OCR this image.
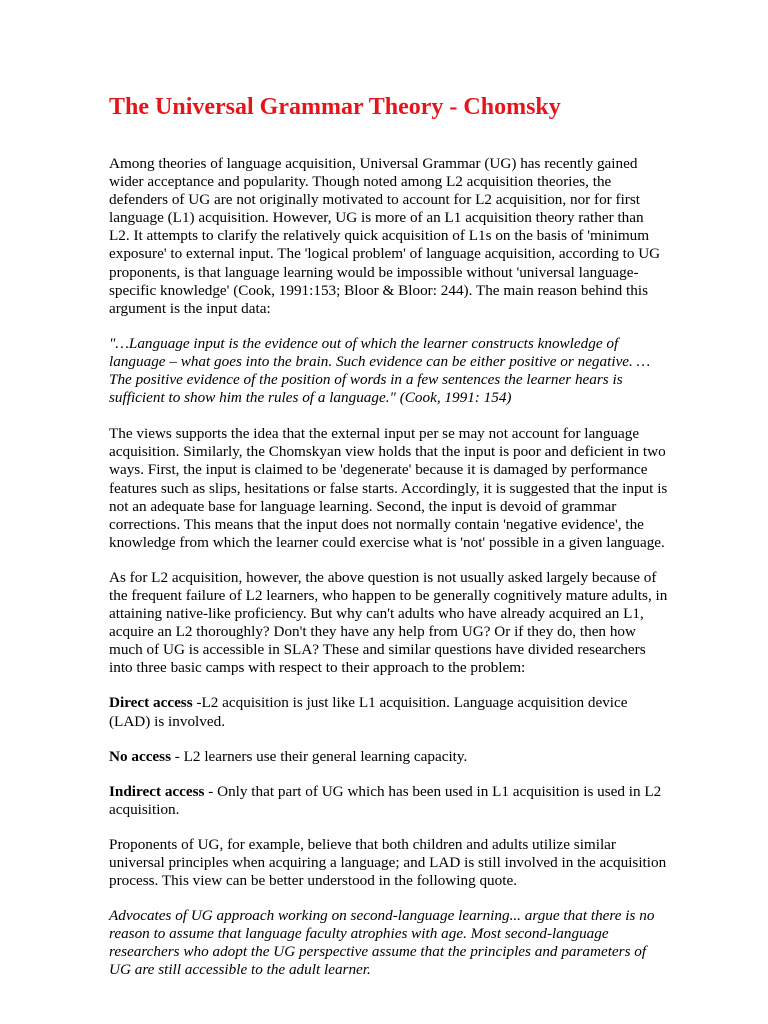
The Universal Grammar Theory - Chomsky

Among theories of language acquisition, Universal Grammar (UG) has recently gained wider acceptance and popularity. Though noted among L2 acquisition theories, the defenders of UG are not originally motivated to account for L2 acquisition, nor for first language (L1) acquisition. However, UG is more of an L1 acquisition theory rather than L2. It attempts to clarify the relatively quick acquisition of L1s on the basis of 'minimum exposure' to external input. The 'logical problem' of language acquisition, according to UG proponents, is that language learning would be impossible without 'universal language-specific knowledge' (Cook, 1991:153; Bloor & Bloor: 244). The main reason behind this argument is the input data:

"…Language input is the evidence out of which the learner constructs knowledge of language – what goes into the brain. Such evidence can be either positive or negative. … The positive evidence of the position of words in a few sentences the learner hears is sufficient to show him the rules of a language." (Cook, 1991: 154)

The views supports the idea that the external input per se may not account for language acquisition. Similarly, the Chomskyan view holds that the input is poor and deficient in two ways. First, the input is claimed to be 'degenerate' because it is damaged by performance features such as slips, hesitations or false starts. Accordingly, it is suggested that the input is not an adequate base for language learning. Second, the input is devoid of grammar corrections. This means that the input does not normally contain 'negative evidence', the knowledge from which the learner could exercise what is 'not' possible in a given language.

As for L2 acquisition, however, the above question is not usually asked largely because of the frequent failure of L2 learners, who happen to be generally cognitively mature adults, in attaining native-like proficiency. But why can't adults who have already acquired an L1, acquire an L2 thoroughly? Don't they have any help from UG? Or if they do, then how much of UG is accessible in SLA? These and similar questions have divided researchers into three basic camps with respect to their approach to the problem:

Direct access -L2 acquisition is just like L1 acquisition. Language acquisition device (LAD) is involved.

No access - L2 learners use their general learning capacity.

Indirect access - Only that part of UG which has been used in L1 acquisition is used in L2 acquisition.

Proponents of UG, for example, believe that both children and adults utilize similar universal principles when acquiring a language; and LAD is still involved in the acquisition process. This view can be better understood in the following quote.

Advocates of UG approach working on second-language learning... argue that there is no reason to assume that language faculty atrophies with age. Most second-language researchers who adopt the UG perspective assume that the principles and parameters of UG are still accessible to the adult learner.
